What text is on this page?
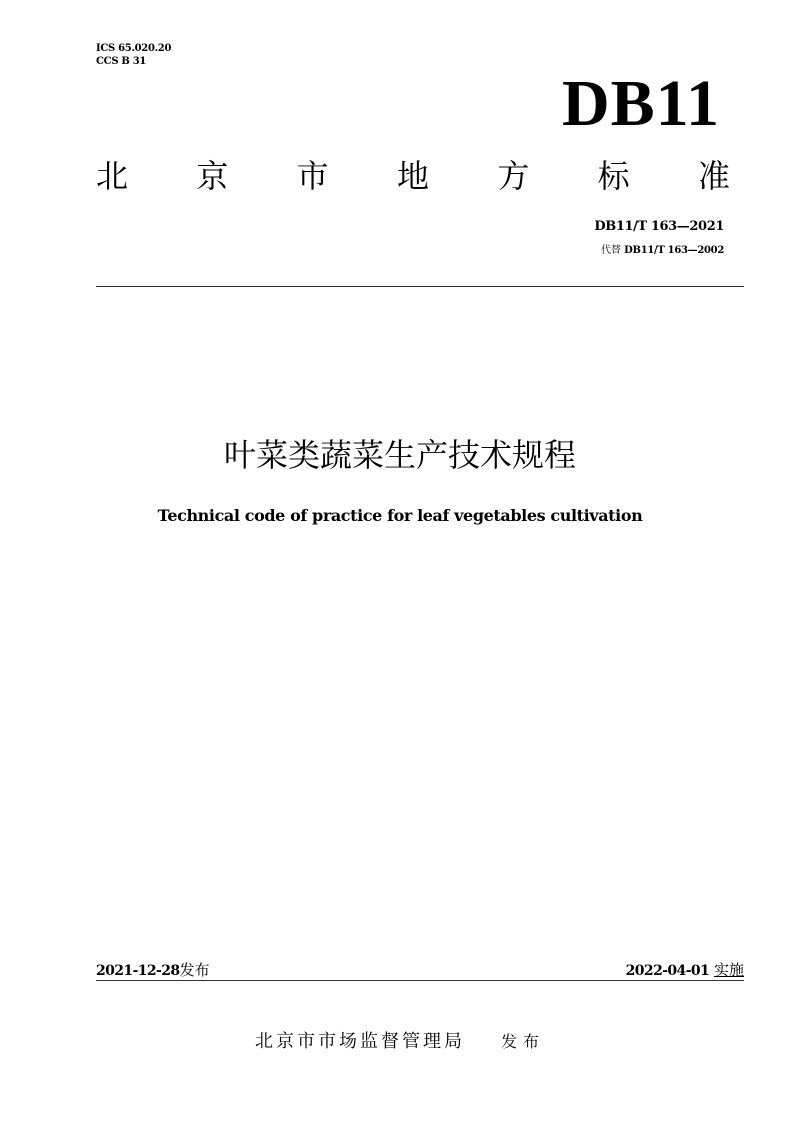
ICS 65.020.20
CCS B 31
DB11
北 京 市 地 方 标 准
DB11/T 163—2021
代替 DB11/T 163—2002
叶菜类蔬菜生产技术规程
Technical code of practice for leaf vegetables cultivation
2021-12-28发布	2022-04-01 实施
北京市市场监督管理局 发布
